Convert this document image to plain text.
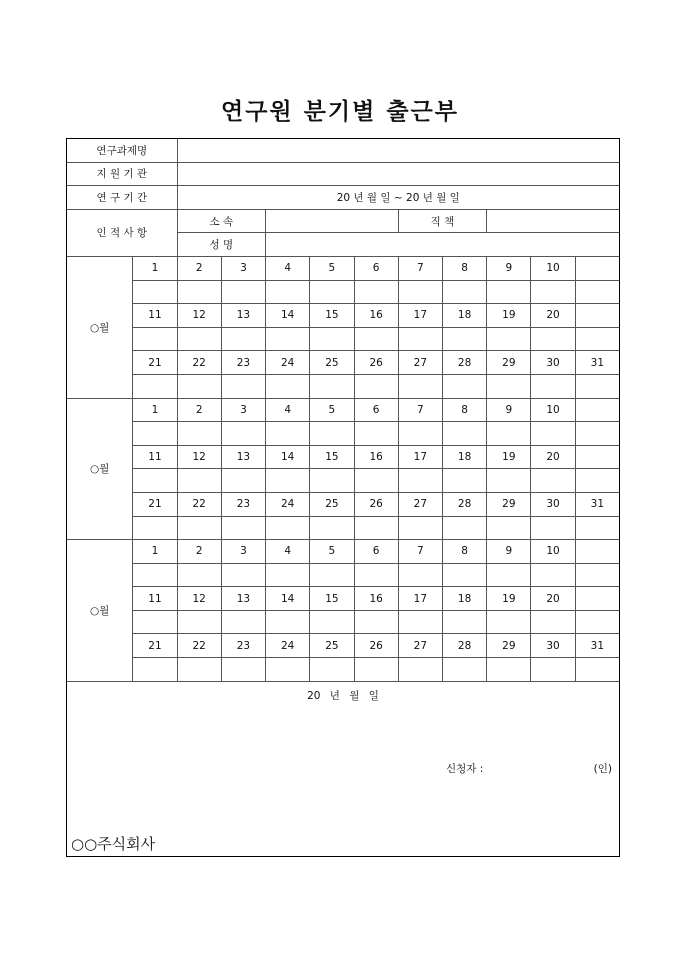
연구원 분기별 출근부
연구과제명											
지 원 기 관											
연 구 기 간		20 년 월 일 ~ 20 년 월 일									
인 적 사 항		소 속					직 책				
		성 명									
○월	1	2	3	4	5	6	7	8	9	10	

	11	12	13	14	15	16	17	18	19	20	

	21	22	23	24	25	26	27	28	29	30	31

○월	1	2	3	4	5	6	7	8	9	10	

	11	12	13	14	15	16	17	18	19	20	

	21	22	23	24	25	26	27	28	29	30	31

○월	1	2	3	4	5	6	7	8	9	10	

	11	12	13	14	15	16	17	18	19	20	

	21	22	23	24	25	26	27	28	29	30	31

20 년 월 일
신청자 :	(인)
○○주식회사
